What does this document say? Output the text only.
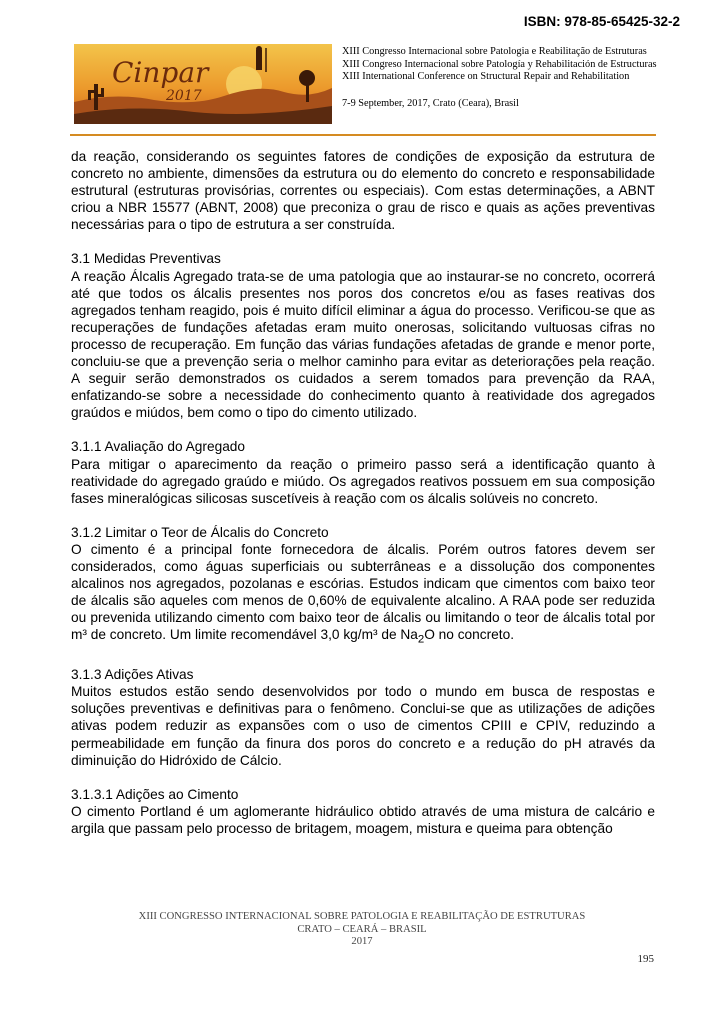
ISBN: 978-85-65425-32-2
Cinpar
2017
XIII Congresso Internacional sobre Patologia e Reabilitação de Estruturas
XIII Congreso Internacional sobre Patología y Rehabilitación de Estructuras
XIII International Conference on Structural Repair and Rehabilitation
7-9 September, 2017, Crato (Ceara), Brasil

da reação, considerando os seguintes fatores de condições de exposição da estrutura de concreto no ambiente, dimensões da estrutura ou do elemento do concreto e responsabilidade estrutural (estruturas provisórias, correntes ou especiais). Com estas determinações, a ABNT criou a NBR 15577 (ABNT, 2008) que preconiza o grau de risco e quais as ações preventivas necessárias para o tipo de estrutura a ser construída.

3.1 Medidas Preventivas

A reação Álcalis Agregado trata-se de uma patologia que ao instaurar-se no concreto, ocorrerá até que todos os álcalis presentes nos poros dos concretos e/ou as fases reativas dos agregados tenham reagido, pois é muito difícil eliminar a água do processo. Verificou-se que as recuperações de fundações afetadas eram muito onerosas, solicitando vultuosas cifras no processo de recuperação. Em função das várias fundações afetadas de grande e menor porte, concluiu-se que a prevenção seria o melhor caminho para evitar as deteriorações pela reação. A seguir serão demonstrados os cuidados a serem tomados para prevenção da RAA, enfatizando-se sobre a necessidade do conhecimento quanto à reatividade dos agregados graúdos e miúdos, bem como o tipo do cimento utilizado.

3.1.1 Avaliação do Agregado

Para mitigar o aparecimento da reação o primeiro passo será a identificação quanto à reatividade do agregado graúdo e miúdo. Os agregados reativos possuem em sua composição fases mineralógicas silicosas suscetíveis à reação com os álcalis solúveis no concreto.

3.1.2 Limitar o Teor de Álcalis do Concreto

O cimento é a principal fonte fornecedora de álcalis. Porém outros fatores devem ser considerados, como águas superficiais ou subterrâneas e a dissolução dos componentes alcalinos nos agregados, pozolanas e escórias. Estudos indicam que cimentos com baixo teor de álcalis são aqueles com menos de 0,60% de equivalente alcalino. A RAA pode ser reduzida ou prevenida utilizando cimento com baixo teor de álcalis ou limitando o teor de álcalis total por m³ de concreto. Um limite recomendável 3,0 kg/m³ de $Na_2O$ no concreto.

3.1.3 Adições Ativas

Muitos estudos estão sendo desenvolvidos por todo o mundo em busca de respostas e soluções preventivas e definitivas para o fenômeno. Conclui-se que as utilizações de adições ativas podem reduzir as expansões com o uso de cimentos CPIII e CPIV, reduzindo a permeabilidade em função da finura dos poros do concreto e a redução do pH através da diminuição do Hidróxido de Cálcio.

3.1.3.1 Adições ao Cimento

O cimento Portland é um aglomerante hidráulico obtido através de uma mistura de calcário e argila que passam pelo processo de britagem, moagem, mistura e queima para obtenção

XIII CONGRESSO INTERNACIONAL SOBRE PATOLOGIA E REABILITAÇÃO DE ESTRUTURAS
CRATO – CEARÁ – BRASIL
2017
195
